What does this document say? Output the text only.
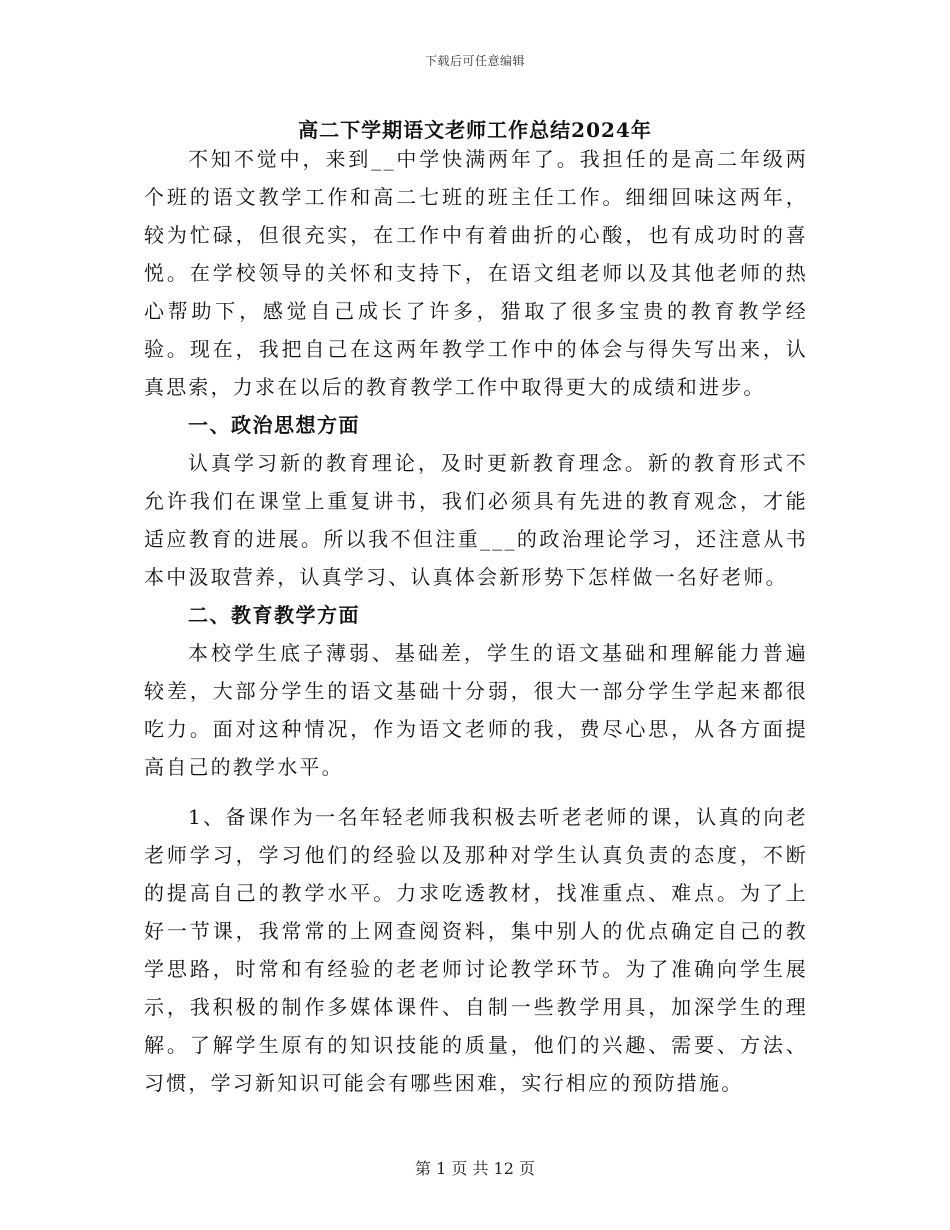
下载后可任意编辑
高二下学期语文老师工作总结2024年

不知不觉中，来到__中学快满两年了。我担任的是高二年级两个班的语文教学工作和高二七班的班主任工作。细细回味这两年，较为忙碌，但很充实，在工作中有着曲折的心酸，也有成功时的喜悦。在学校领导的关怀和支持下，在语文组老师以及其他老师的热心帮助下，感觉自己成长了许多，猎取了很多宝贵的教育教学经验。现在，我把自己在这两年教学工作中的体会与得失写出来，认真思索，力求在以后的教育教学工作中取得更大的成绩和进步。

一、政治思想方面

认真学习新的教育理论，及时更新教育理念。新的教育形式不允许我们在课堂上重复讲书，我们必须具有先进的教育观念，才能适应教育的进展。所以我不但注重___的政治理论学习，还注意从书本中汲取营养，认真学习、认真体会新形势下怎样做一名好老师。

二、教育教学方面

本校学生底子薄弱、基础差，学生的语文基础和理解能力普遍较差，大部分学生的语文基础十分弱，很大一部分学生学起来都很吃力。面对这种情况，作为语文老师的我，费尽心思，从各方面提高自己的教学水平。

1、备课作为一名年轻老师我积极去听老老师的课，认真的向老老师学习，学习他们的经验以及那种对学生认真负责的态度，不断的提高自己的教学水平。力求吃透教材，找准重点、难点。为了上好一节课，我常常的上网查阅资料，集中别人的优点确定自己的教学思路，时常和有经验的老老师讨论教学环节。为了准确向学生展示，我积极的制作多媒体课件、自制一些教学用具，加深学生的理解。了解学生原有的知识技能的质量，他们的兴趣、需要、方法、习惯，学习新知识可能会有哪些困难，实行相应的预防措施。

第 1 页 共 12 页
